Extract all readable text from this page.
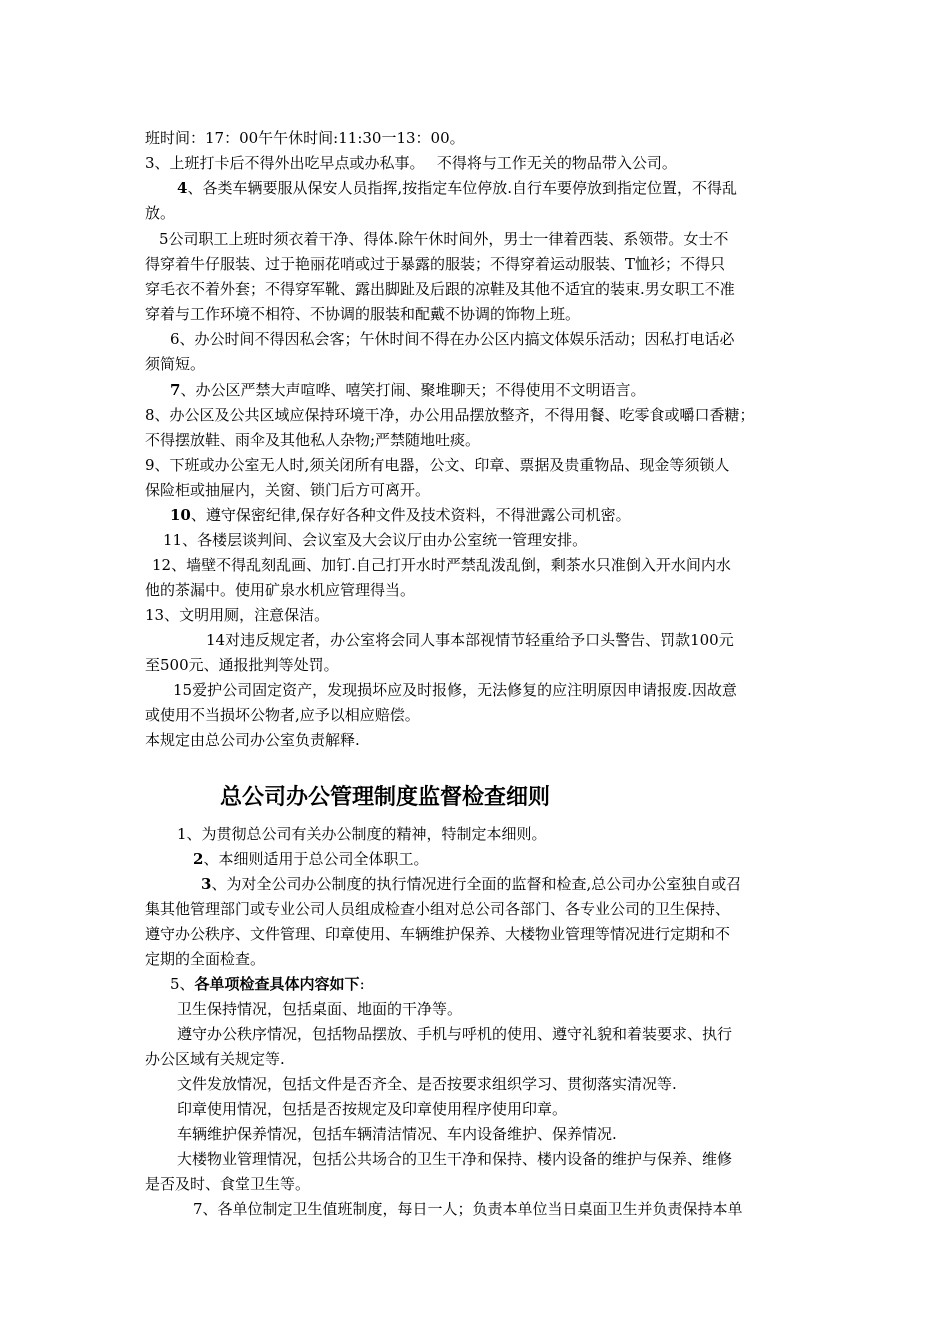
班时间：17：00午午休时间:11:30一13：00。
3、上班打卡后不得外出吃早点或办私事。　 不得将与工作无关的物品带入公司。
4、各类车辆要服从保安人员指挥,按指定车位停放.自行车要停放到指定位置，不得乱
放。
5公司职工上班时须衣着干净、得体.除午休时间外，男士一律着西装、系领带。女士不
得穿着牛仔服装、过于艳丽花哨或过于暴露的服装；不得穿着运动服装、T恤衫；不得只
穿毛衣不着外套；不得穿军靴、露出脚趾及后跟的凉鞋及其他不适宜的装束.男女职工不准
穿着与工作环境不相符、不协调的服装和配戴不协调的饰物上班。
6、办公时间不得因私会客；午休时间不得在办公区内搞文体娱乐活动；因私打电话必
须简短。
7、办公区严禁大声喧哗、嘻笑打闹、聚堆聊天；不得使用不文明语言。
8、办公区及公共区域应保持环境干净，办公用品摆放整齐，不得用餐、吃零食或嚼口香糖；
不得摆放鞋、雨伞及其他私人杂物;严禁随地吐痰。
9、下班或办公室无人时,须关闭所有电器，公文、印章、票据及贵重物品、现金等须锁人
保险柜或抽屉内，关窗、锁门后方可离开。
10、遵守保密纪律,保存好各种文件及技术资料，不得泄露公司机密。
11、各楼层谈判间、会议室及大会议厅由办公室统一管理安排。
12、墙壁不得乱刻乱画、加钉.自己打开水时严禁乱泼乱倒，剩茶水只准倒入开水间内水
他的茶漏中。使用矿泉水机应管理得当。
13、文明用厕，注意保洁。
14对违反规定者，办公室将会同人事本部视情节轻重给予口头警告、罚款100元
至500元、通报批判等处罚。
15爱护公司固定资产，发现损坏应及时报修，无法修复的应注明原因申请报废.因故意
或使用不当损坏公物者,应予以相应赔偿。
本规定由总公司办公室负责解释.
总公司办公管理制度监督检查细则
1、为贯彻总公司有关办公制度的精神，特制定本细则。
2、本细则适用于总公司全体职工。
3、为对全公司办公制度的执行情况进行全面的监督和检查,总公司办公室独自或召
集其他管理部门或专业公司人员组成检查小组对总公司各部门、各专业公司的卫生保持、
遵守办公秩序、文件管理、印章使用、车辆维护保养、大楼物业管理等情况进行定期和不
定期的全面检查。
5、各单项检查具体内容如下:
卫生保持情况，包括桌面、地面的干净等。
遵守办公秩序情况，包括物品摆放、手机与呼机的使用、遵守礼貌和着装要求、执行
办公区域有关规定等.
文件发放情况，包括文件是否齐全、是否按要求组织学习、贯彻落实清况等.
印章使用情况，包括是否按规定及印章使用程序使用印章。
车辆维护保养情况，包括车辆清洁情况、车内设备维护、保养情况.
大楼物业管理情况，包括公共场合的卫生干净和保持、楼内设备的维护与保养、维修
是否及时、食堂卫生等。
7、各单位制定卫生值班制度，每日一人；负责本单位当日桌面卫生并负责保持本单
